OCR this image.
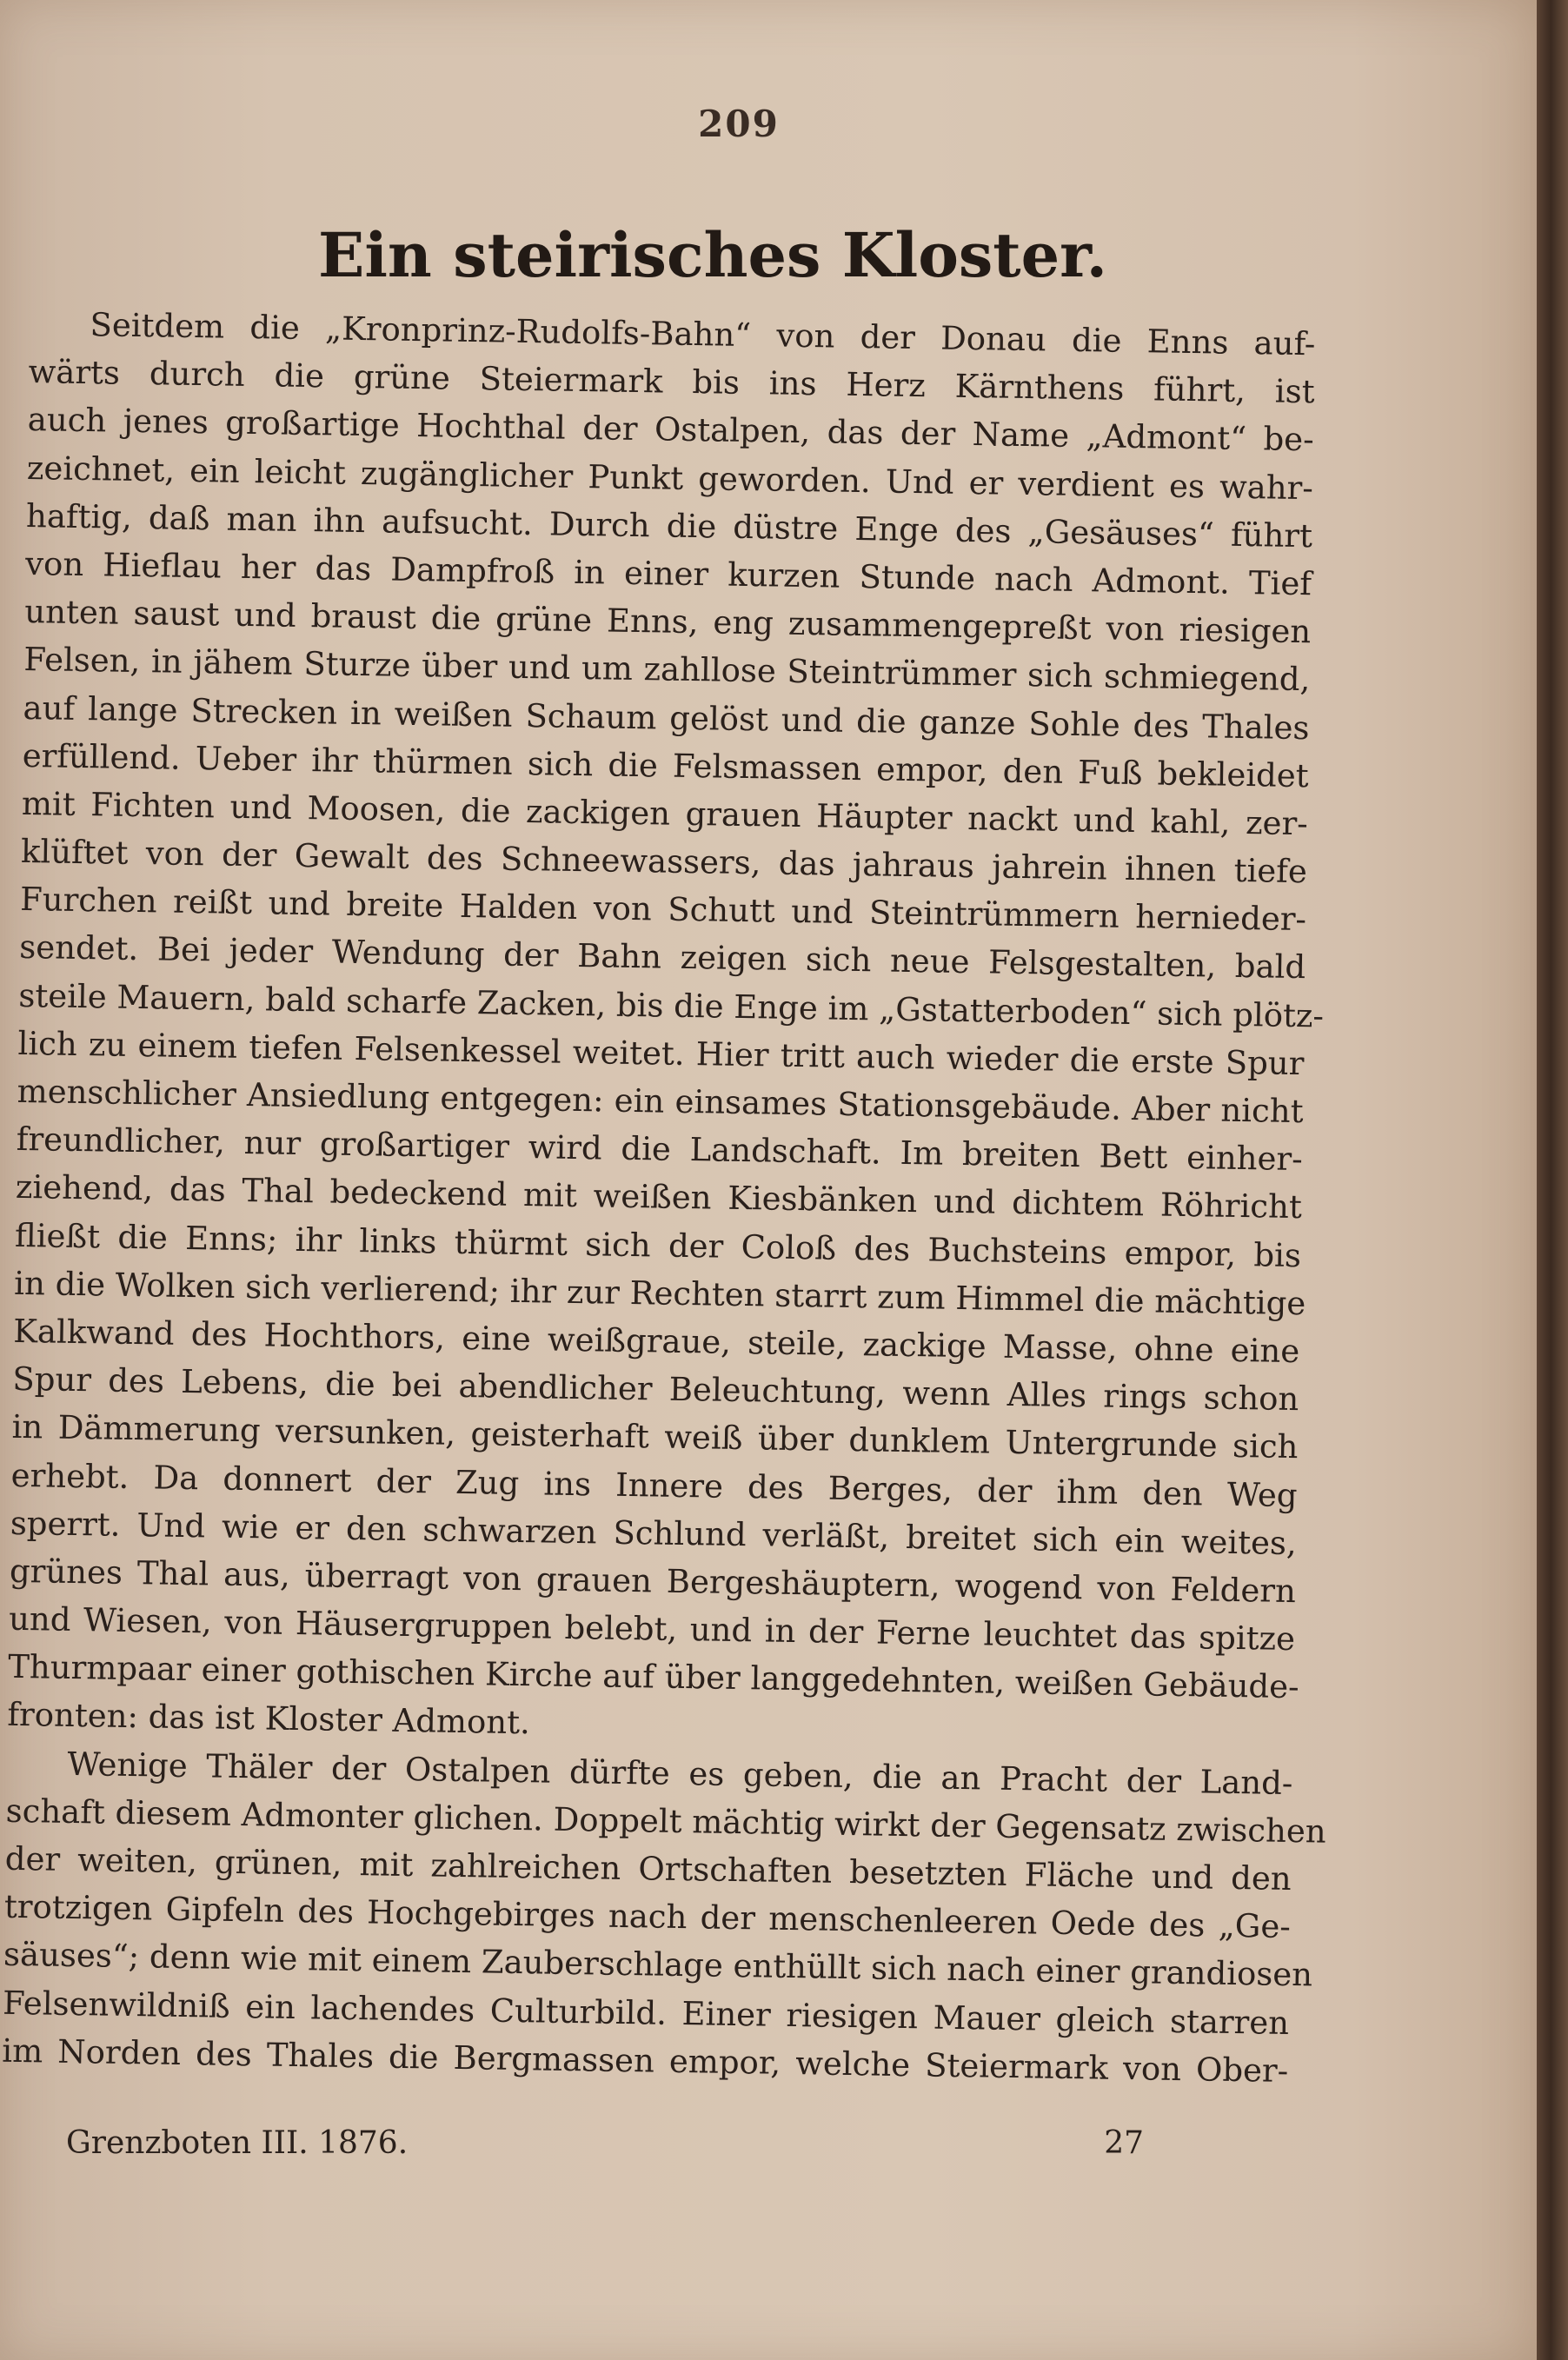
209
Ein steirisches Kloster.
Seitdem die „Kronprinz-Rudolfs-Bahn“ von der Donau die Enns auf-
wärts durch die grüne Steiermark bis ins Herz Kärnthens führt, ist
auch jenes großartige Hochthal der Ostalpen, das der Name „Admont“ be-
zeichnet, ein leicht zugänglicher Punkt geworden. Und er verdient es wahr-
haftig, daß man ihn aufsucht. Durch die düstre Enge des „Gesäuses“ führt
von Hieflau her das Dampfroß in einer kurzen Stunde nach Admont. Tief
unten saust und braust die grüne Enns, eng zusammengepreßt von riesigen
Felsen, in jähem Sturze über und um zahllose Steintrümmer sich schmiegend,
auf lange Strecken in weißen Schaum gelöst und die ganze Sohle des Thales
erfüllend. Ueber ihr thürmen sich die Felsmassen empor, den Fuß bekleidet
mit Fichten und Moosen, die zackigen grauen Häupter nackt und kahl, zer-
klüftet von der Gewalt des Schneewassers, das jahraus jahrein ihnen tiefe
Furchen reißt und breite Halden von Schutt und Steintrümmern hernieder-
sendet. Bei jeder Wendung der Bahn zeigen sich neue Felsgestalten, bald
steile Mauern, bald scharfe Zacken, bis die Enge im „Gstatterboden“ sich plötz-
lich zu einem tiefen Felsenkessel weitet. Hier tritt auch wieder die erste Spur
menschlicher Ansiedlung entgegen: ein einsames Stationsgebäude. Aber nicht
freundlicher, nur großartiger wird die Landschaft. Im breiten Bett einher-
ziehend, das Thal bedeckend mit weißen Kiesbänken und dichtem Röhricht
fließt die Enns; ihr links thürmt sich der Coloß des Buchsteins empor, bis
in die Wolken sich verlierend; ihr zur Rechten starrt zum Himmel die mächtige
Kalkwand des Hochthors, eine weißgraue, steile, zackige Masse, ohne eine
Spur des Lebens, die bei abendlicher Beleuchtung, wenn Alles rings schon
in Dämmerung versunken, geisterhaft weiß über dunklem Untergrunde sich
erhebt. Da donnert der Zug ins Innere des Berges, der ihm den Weg
sperrt. Und wie er den schwarzen Schlund verläßt, breitet sich ein weites,
grünes Thal aus, überragt von grauen Bergeshäuptern, wogend von Feldern
und Wiesen, von Häusergruppen belebt, und in der Ferne leuchtet das spitze
Thurmpaar einer gothischen Kirche auf über langgedehnten, weißen Gebäude-
fronten: das ist Kloster Admont.
Wenige Thäler der Ostalpen dürfte es geben, die an Pracht der Land-
schaft diesem Admonter glichen. Doppelt mächtig wirkt der Gegensatz zwischen
der weiten, grünen, mit zahlreichen Ortschaften besetzten Fläche und den
trotzigen Gipfeln des Hochgebirges nach der menschenleeren Oede des „Ge-
säuses“; denn wie mit einem Zauberschlage enthüllt sich nach einer grandiosen
Felsenwildniß ein lachendes Culturbild. Einer riesigen Mauer gleich starren
im Norden des Thales die Bergmassen empor, welche Steiermark von Ober-
Grenzboten III. 1876.	27
